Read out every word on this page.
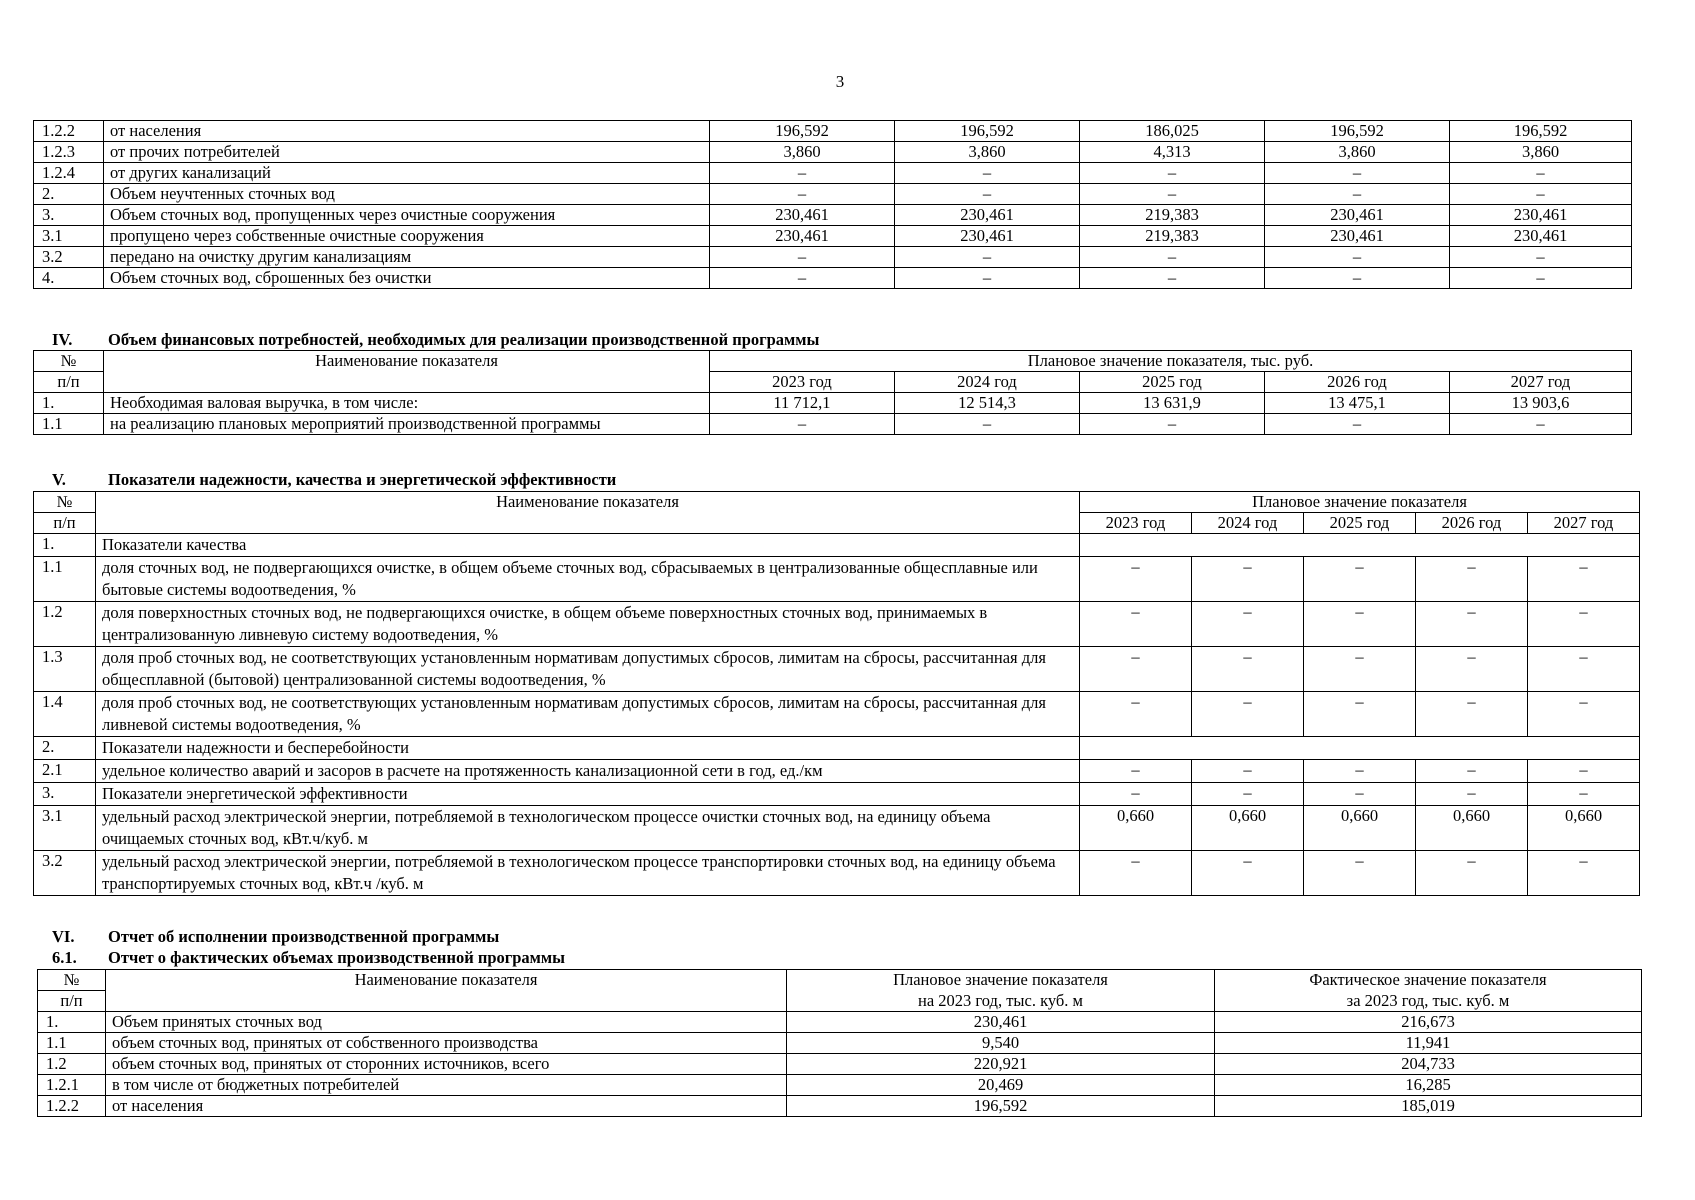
3
1.2.2	от населения	196,592	196,592	186,025	196,592	196,592
1.2.3	от прочих потребителей	3,860	3,860	4,313	3,860	3,860
1.2.4	от других канализаций	–	–	–	–	–
2.	Объем неучтенных сточных вод	–	–	–	–	–
3.	Объем сточных вод, пропущенных через очистные сооружения	230,461	230,461	219,383	230,461	230,461
3.1	пропущено через собственные очистные сооружения	230,461	230,461	219,383	230,461	230,461
3.2	передано на очистку другим канализациям	–	–	–	–	–
4.	Объем сточных вод, сброшенных без очистки	–	–	–	–	–
IV. Объем финансовых потребностей, необходимых для реализации производственной программы
№	Наименование показателя	Плановое значение показателя, тыс. руб.				
п/п		2023 год	2024 год	2025 год	2026 год	2027 год
1.	Необходимая валовая выручка, в том числе:	11 712,1	12 514,3	13 631,9	13 475,1	13 903,6
1.1	на реализацию плановых мероприятий производственной программы	–	–	–	–	–
V.	Показатели надежности, качества и энергетической эффективности
№	Наименование показателя	Плановое значение показателя				
п/п		2023 год	2024 год	2025 год	2026 год	2027 год
1.	Показатели качества					
1.1	доля сточных вод, не подвергающихся очистке, в общем объеме сточных вод, сбрасываемых в централизованные общесплавные или бытовые системы водоотведения, %	–	–	–	–	–
1.2	доля поверхностных сточных вод, не подвергающихся очистке, в общем объеме поверхностных сточных вод, принимаемых в централизованную ливневую систему водоотведения, %	–	–	–	–	–
1.3	доля проб сточных вод, не соответствующих установленным нормативам допустимых сбросов, лимитам на сбросы, рассчитанная для общесплавной (бытовой) централизованной системы водоотведения, %	–	–	–	–	–
1.4	доля проб сточных вод, не соответствующих установленным нормативам допустимых сбросов, лимитам на сбросы, рассчитанная для ливневой системы водоотведения, %	–	–	–	–	–
2.	Показатели надежности и бесперебойности					
2.1	удельное количество аварий и засоров в расчете на протяженность канализационной сети в год, ед./км	–	–	–	–	–
3.	Показатели энергетической эффективности	–	–	–	–	–
3.1	удельный расход электрической энергии, потребляемой в технологическом процессе очистки сточных вод, на единицу объема очищаемых сточных вод, кВт.ч/куб. м	0,660	0,660	0,660	0,660	0,660
3.2	удельный расход электрической энергии, потребляемой в технологическом процессе транспортировки сточных вод, на единицу объема транспортируемых сточных вод, кВт.ч /куб. м	–	–	–	–	–
VI. Отчет об исполнении производственной программы
6.1. Отчет о фактических объемах производственной программы
№	Наименование показателя	Плановое значение показателя	Фактическое значение показателя
п/п		на 2023 год, тыс. куб. м	за 2023 год, тыс. куб. м
1.	Объем принятых сточных вод	230,461	216,673
1.1	объем сточных вод, принятых от собственного производства	9,540	11,941
1.2	объем сточных вод, принятых от сторонних источников, всего	220,921	204,733
1.2.1	в том числе от бюджетных потребителей	20,469	16,285
1.2.2	от населения	196,592	185,019
